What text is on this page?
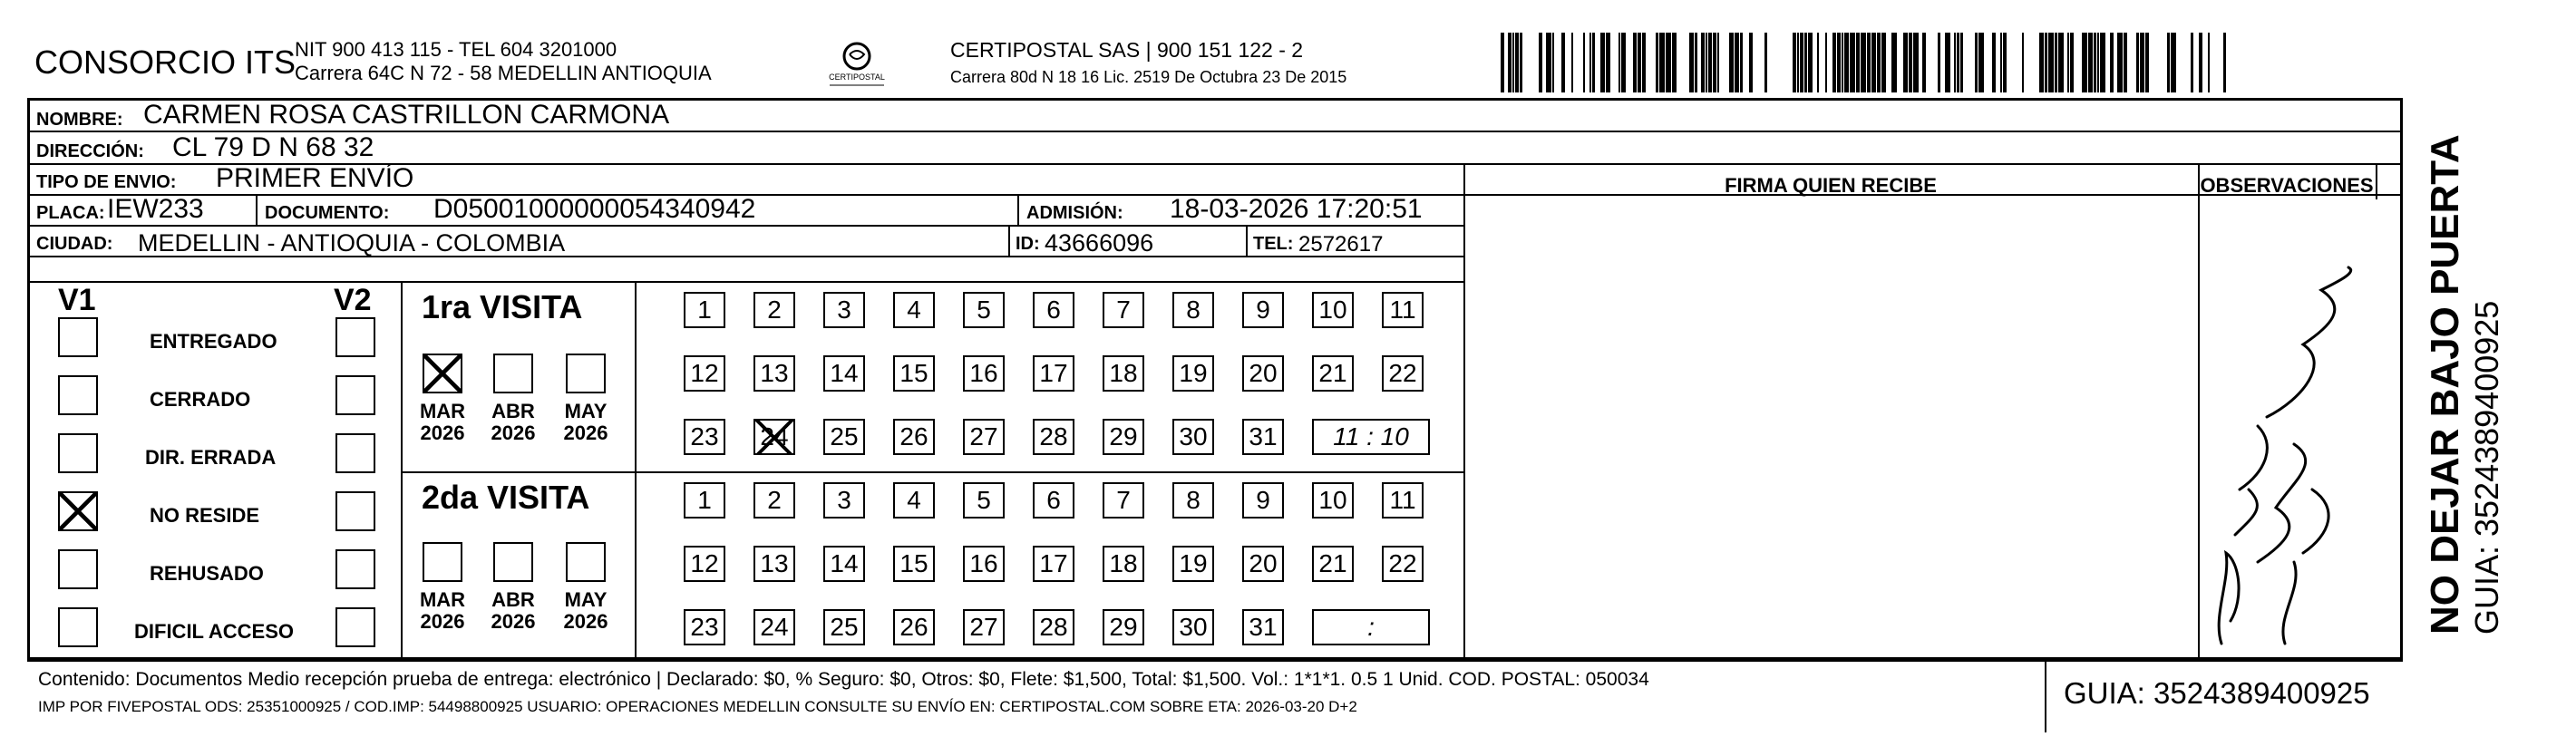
CONSORCIO ITS
NIT 900 413 115 - TEL 604 3201000
Carrera 64C N 72 - 58 MEDELLIN ANTIOQUIA	CERTIPOSTAL
CERTIPOSTAL SAS | 900 151 122 - 2
Carrera 80d N 18 16 Lic. 2519 De Octubra 23 De 2015
NOMBRE: CARMEN ROSA CASTRILLON CARMONA
DIRECCIÓN: CL 79 D N 68 32
TIPO DE ENVIO: PRIMER ENVÍO	FIRMA QUIEN RECIBE	OBSERVACIONES
PLACA: IEW233	DOCUMENTO: D05001000000054340942	ADMISIÓN: 18-03-2026 17:20:51
CIUDAD: MEDELLIN - ANTIOQUIA - COLOMBIA	ID: 43666096	TEL: 2572617
V1	V2
ENTREGADO
CERRADO
DIR. ERRADA
NO RESIDE
REHUSADO
DIFICIL ACCESO
1ra VISITA
MAR
2026
ABR
2026
MAY
2026
1	2	3	4	5	6	7	8	9	10	11
12 13 14 15 16 17 18 19 20 21 22
23 24 25 26 27 28 29 30 31	11 : 10
2da VISITA
MAR
2026
ABR
2026
MAY
2026
1	2	3	4	5	6	7	8	9	10	11
12 13 14 15 16 17 18 19 20 21 22
23 24 25 26 27 28 29 30 31	:
Contenido: Documentos Medio recepción prueba de entrega: electrónico | Declarado: $0, % Seguro: $0, Otros: $0, Flete: $1,500, Total: $1,500. Vol.: 1*1*1. 0.5 1 Unid. COD. POSTAL: 050034
IMP POR FIVEPOSTAL ODS: 25351000925 / COD.IMP: 54498800925 USUARIO: OPERACIONES MEDELLIN CONSULTE SU ENVÍO EN: CERTIPOSTAL.COM SOBRE ETA: 2026-03-20 D+2	GUIA: 3524389400925
NO DEJAR BAJO PUERTA GUIA: 3524389400925
